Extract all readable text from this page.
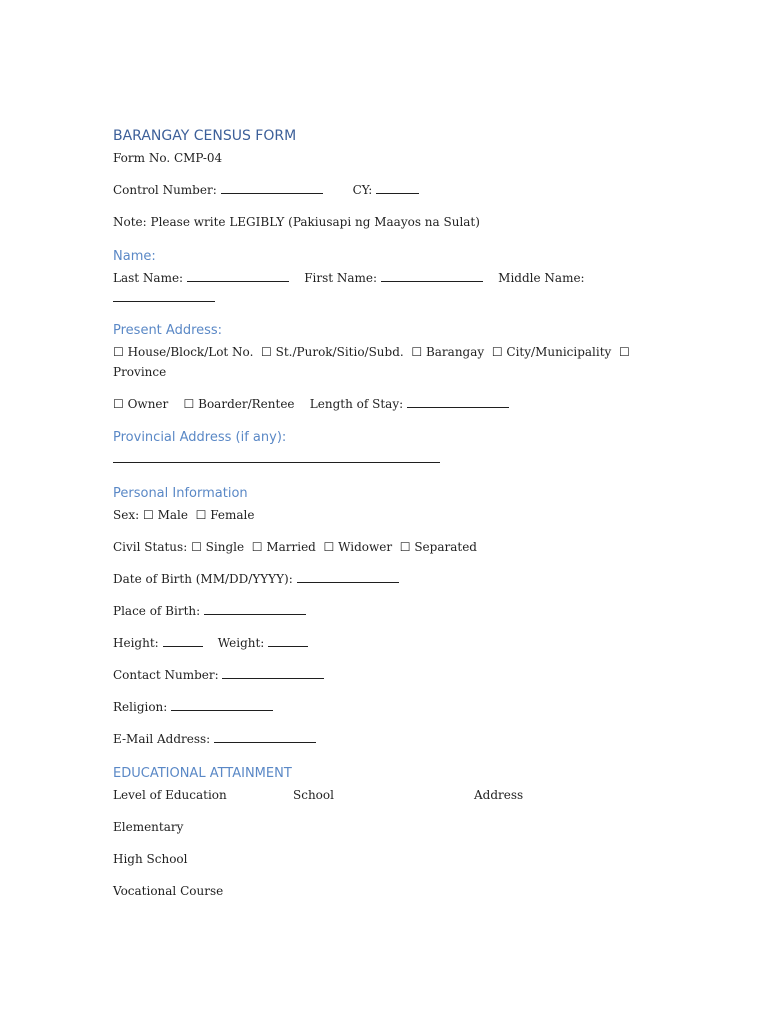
BARANGAY CENSUS FORM

Form No. CMP-04

Control Number:	CY:

Note: Please write LEGIBLY (Pakiusapi ng Maayos na Sulat)

Name:

Last Name:	First Name:	Middle Name:

Present Address:

☐ House/Block/Lot No. ☐ St./Purok/Sitio/Subd. ☐ Barangay ☐ City/Municipality ☐

Province

☐ Owner ☐ Boarder/Rentee Length of Stay:

Provincial Address (if any):

Personal Information

Sex: ☐ Male ☐ Female

Civil Status: ☐ Single ☐ Married ☐ Widower ☐ Separated

Date of Birth (MM/DD/YYYY):

Place of Birth:

Height:	Weight:

Contact Number:

Religion:

E-Mail Address:

EDUCATIONAL ATTAINMENT

Level of Education	School	Address

Elementary

High School

Vocational Course
